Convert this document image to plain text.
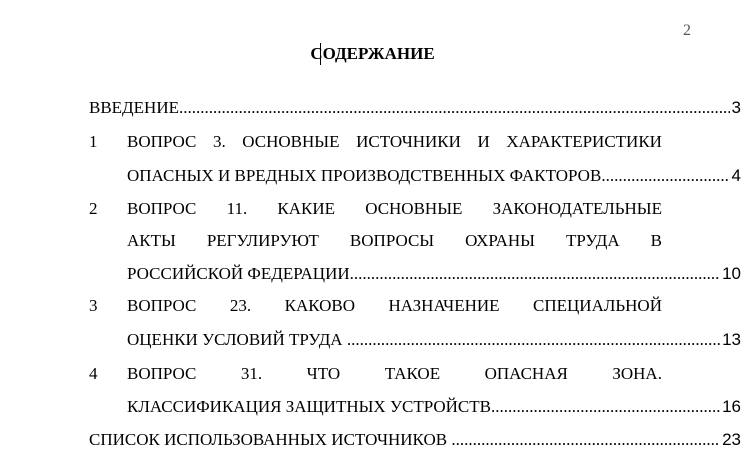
2
СОДЕРЖАНИЕ
ВВЕДЕНИЕ .....	3
1 ВОПРОС 3. ОСНОВНЫЕ ИСТОЧНИКИ И ХАРАКТЕРИСТИКИ
ОПАСНЫХ И ВРЕДНЫХ ПРОИЗВОДСТВЕННЫХ ФАКТОРОВ .....	4
2 ВОПРОС 11. КАКИЕ ОСНОВНЫЕ ЗАКОНОДАТЕЛЬНЫЕ
АКТЫ РЕГУЛИРУЮТ ВОПРОСЫ ОХРАНЫ ТРУДА В
РОССИЙСКОЙ ФЕДЕРАЦИИ .....	10
3 ВОПРОС 23. КАКОВО НАЗНАЧЕНИЕ СПЕЦИАЛЬНОЙ
ОЦЕНКИ УСЛОВИЙ ТРУДА .....	13
4 ВОПРОС	31.	ЧТО	ТАКОЕ	ОПАСНАЯ	ЗОНА.
КЛАССИФИКАЦИЯ ЗАЩИТНЫХ УСТРОЙСТВ .....	16
СПИСОК ИСПОЛЬЗОВАННЫХ ИСТОЧНИКОВ .....	23
